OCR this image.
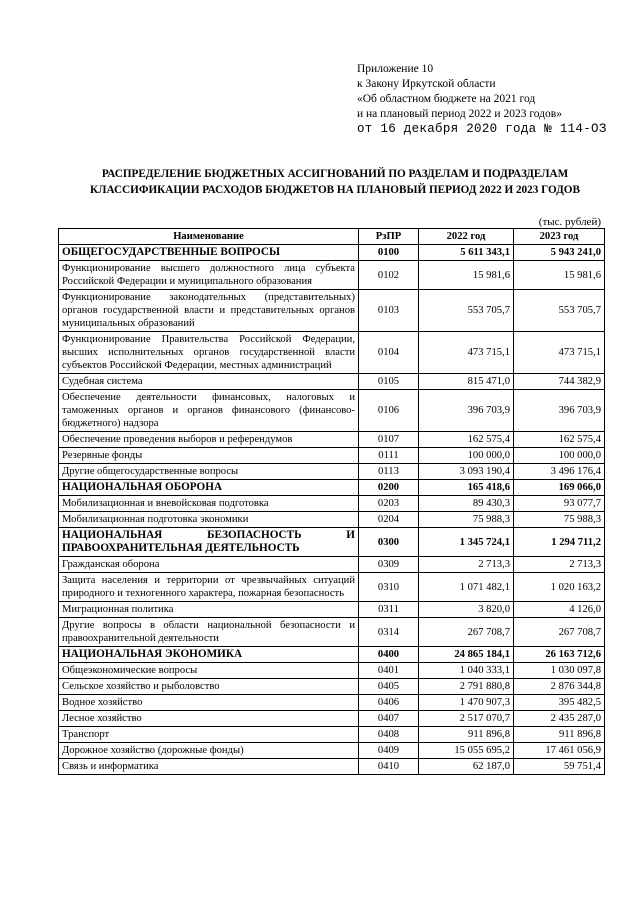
Приложение 10
к Закону Иркутской области
«Об областном бюджете на 2021 год
и на плановый период 2022 и 2023 годов»
от 16 декабря 2020 года № 114-ОЗ
РАСПРЕДЕЛЕНИЕ БЮДЖЕТНЫХ АССИГНОВАНИЙ ПО РАЗДЕЛАМ И ПОДРАЗДЕЛАМ
КЛАССИФИКАЦИИ РАСХОДОВ БЮДЖЕТОВ НА ПЛАНОВЫЙ ПЕРИОД 2022 И 2023 ГОДОВ
(тыс. рублей)
Наименование	РзПР	2022 год	2023 год
ОБЩЕГОСУДАРСТВЕННЫЕ ВОПРОСЫ	0100	5 611 343,1	5 943 241,0
Функционирование высшего должностного лица субъекта Российской Федерации и муниципального образования	0102	15 981,6	15 981,6
Функционирование законодательных (представительных) органов государственной власти и представительных органов муниципальных образований	0103	553 705,7	553 705,7
Функционирование Правительства Российской Федерации, высших исполнительных органов государственной власти субъектов Российской Федерации, местных администраций	0104	473 715,1	473 715,1
Судебная система	0105	815 471,0	744 382,9
Обеспечение деятельности финансовых, налоговых и таможенных органов и органов финансового (финансово-бюджетного) надзора	0106	396 703,9	396 703,9
Обеспечение проведения выборов и референдумов	0107	162 575,4	162 575,4
Резервные фонды	0111	100 000,0	100 000,0
Другие общегосударственные вопросы	0113	3 093 190,4	3 496 176,4
НАЦИОНАЛЬНАЯ ОБОРОНА	0200	165 418,6	169 066,0
Мобилизационная и вневойсковая подготовка	0203	89 430,3	93 077,7
Мобилизационная подготовка экономики	0204	75 988,3	75 988,3
НАЦИОНАЛЬНАЯ БЕЗОПАСНОСТЬ И ПРАВООХРАНИТЕЛЬНАЯ ДЕЯТЕЛЬНОСТЬ	0300	1 345 724,1	1 294 711,2
Гражданская оборона	0309	2 713,3	2 713,3
Защита населения и территории от чрезвычайных ситуаций природного и техногенного характера, пожарная безопасность	0310	1 071 482,1	1 020 163,2
Миграционная политика	0311	3 820,0	4 126,0
Другие вопросы в области национальной безопасности и правоохранительной деятельности	0314	267 708,7	267 708,7
НАЦИОНАЛЬНАЯ ЭКОНОМИКА	0400	24 865 184,1	26 163 712,6
Общеэкономические вопросы	0401	1 040 333,1	1 030 097,8
Сельское хозяйство и рыболовство	0405	2 791 880,8	2 876 344,8
Водное хозяйство	0406	1 470 907,3	395 482,5
Лесное хозяйство	0407	2 517 070,7	2 435 287,0
Транспорт	0408	911 896,8	911 896,8
Дорожное хозяйство (дорожные фонды)	0409	15 055 695,2	17 461 056,9
Связь и информатика	0410	62 187,0	59 751,4
